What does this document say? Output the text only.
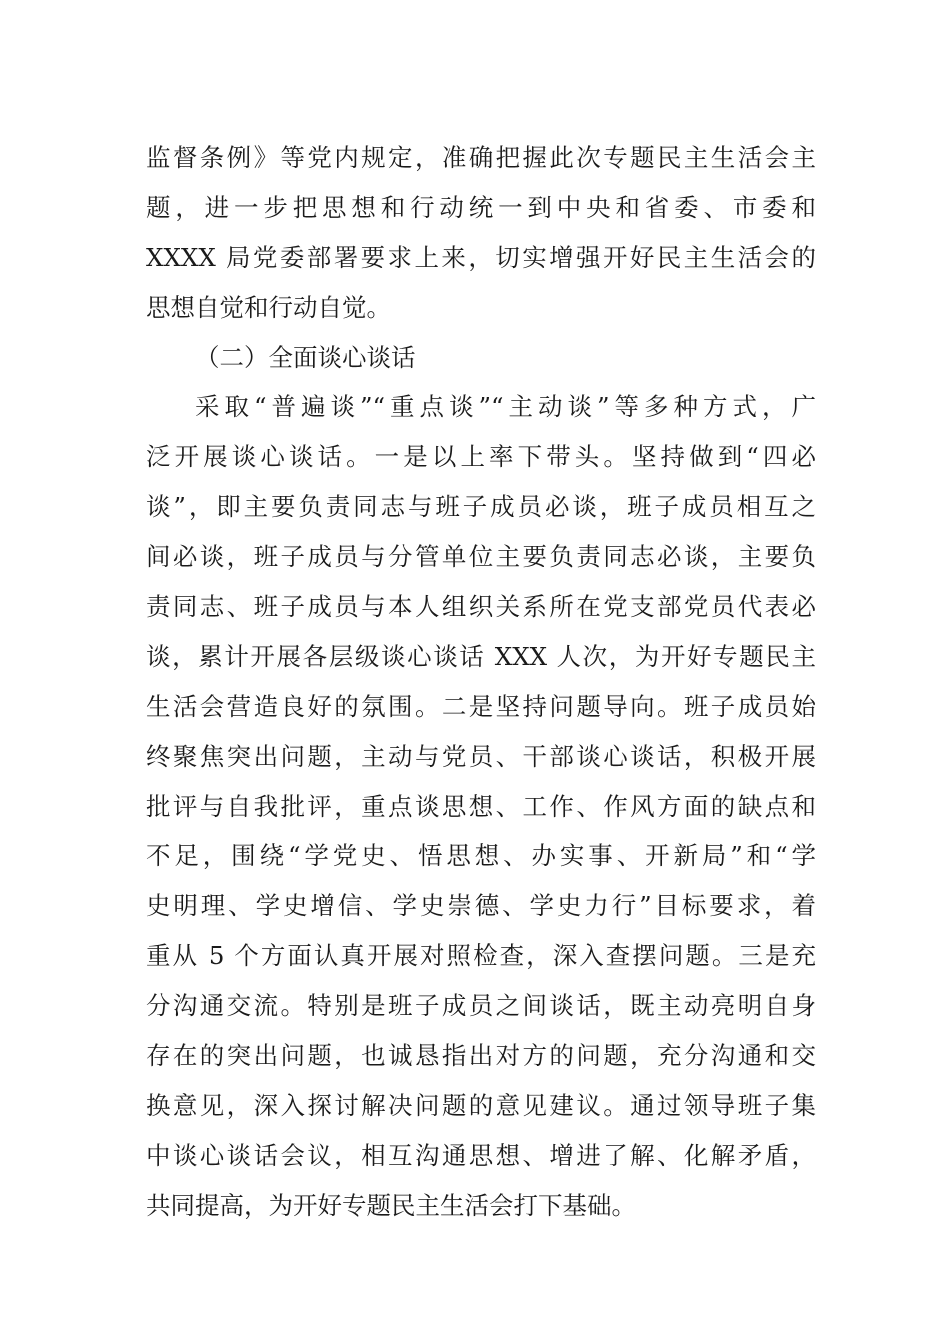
监督条例》等党内规定，准确把握此次专题民主生活会主
题，进一步把思想和行动统一到中央和省委、市委和
XXXX 局党委部署要求上来，切实增强开好民主生活会的
思想自觉和行动自觉。
（二）全面谈心谈话
采取“普遍谈”“重点谈”“主动谈”等多种方式，广
泛开展谈心谈话。一是以上率下带头。坚持做到“四必
谈”，即主要负责同志与班子成员必谈，班子成员相互之
间必谈，班子成员与分管单位主要负责同志必谈，主要负
责同志、班子成员与本人组织关系所在党支部党员代表必
谈，累计开展各层级谈心谈话 XXX 人次，为开好专题民主
生活会营造良好的氛围。二是坚持问题导向。班子成员始
终聚焦突出问题，主动与党员、干部谈心谈话，积极开展
批评与自我批评，重点谈思想、工作、作风方面的缺点和
不足，围绕“学党史、悟思想、办实事、开新局”和“学
史明理、学史增信、学史崇德、学史力行”目标要求，着
重从 5 个方面认真开展对照检查，深入查摆问题。三是充
分沟通交流。特别是班子成员之间谈话，既主动亮明自身
存在的突出问题，也诚恳指出对方的问题，充分沟通和交
换意见，深入探讨解决问题的意见建议。通过领导班子集
中谈心谈话会议，相互沟通思想、增进了解、化解矛盾，
共同提高，为开好专题民主生活会打下基础。
